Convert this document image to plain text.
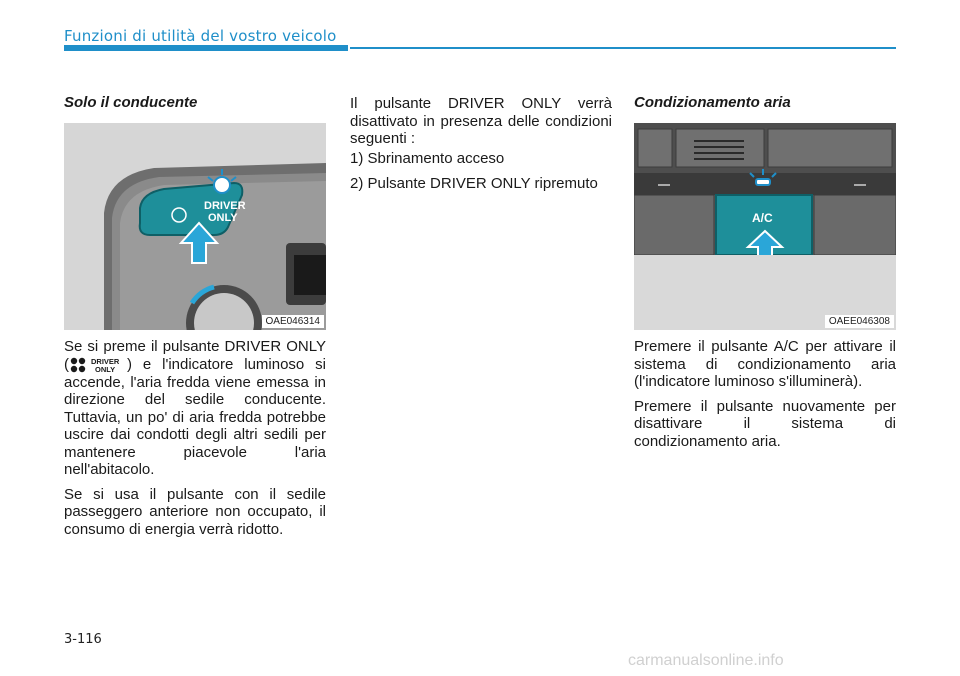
Funzioni di utilità del vostro veicolo
Solo il conducente
DRIVER
ONLY
OAE046314

Se si preme il pulsante DRIVER ONLY (	DRIVER
ONLY ) e l'indicatore luminoso si accende, l'aria fredda viene emessa in direzione del sedile conducente. Tuttavia, un po' di aria fredda potrebbe uscire dai condotti degli altri sedili per mantenere piacevole l'aria nell'abitacolo.

Se si usa il pulsante con il sedile passeggero anteriore non occupato, il consumo di energia verrà ridotto.

Il pulsante DRIVER ONLY verrà disattivato in presenza delle condizioni seguenti :

1) Sbrinamento acceso
2) Pulsante DRIVER ONLY ripremuto
Condizionamento aria
A/C
OAEE046308

Premere il pulsante A/C per attivare il sistema di condizionamento aria (l'indicatore luminoso s'illuminerà).

Premere il pulsante nuovamente per disattivare il sistema di condizionamento aria.

3-116
carmanualsonline.info
